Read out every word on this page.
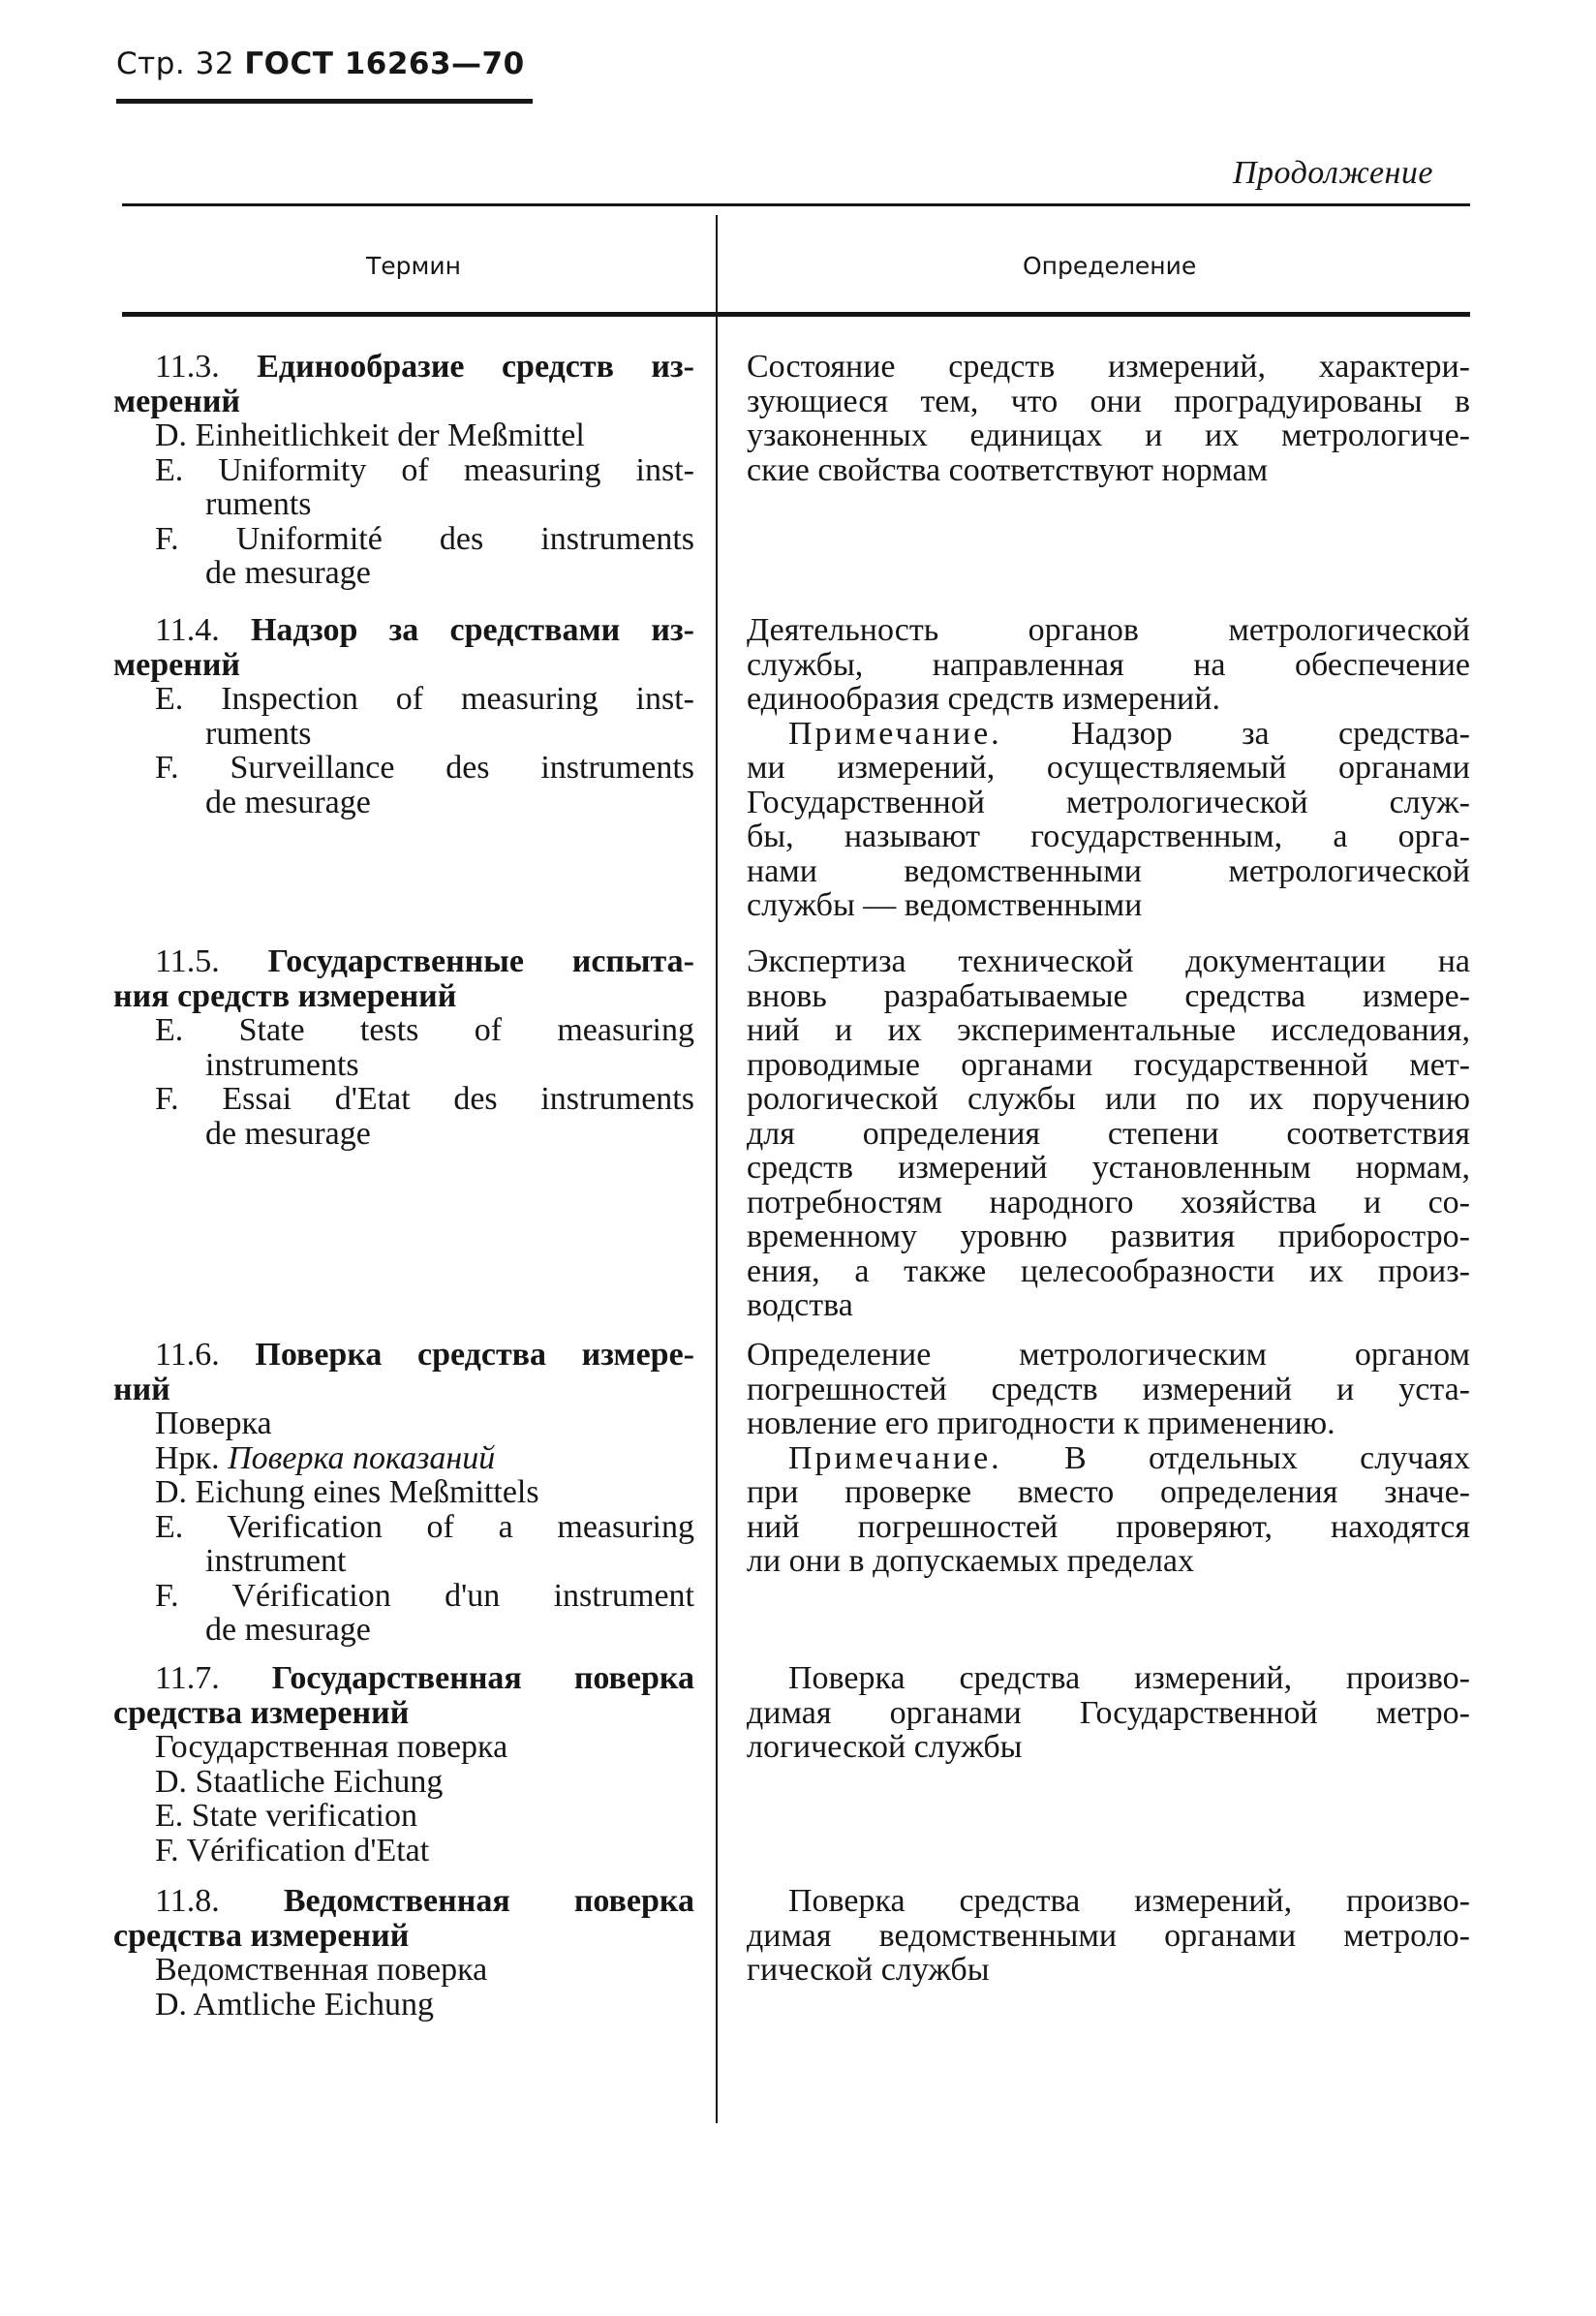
Стр. 32 ГОСТ 16263—70
Продолжение
Термин	Определение
11.3. Единообразие средств из-
мерений
D. Einheitlichkeit der Meßmittel
E. Uniformity of measuring inst-
ruments
F. Uniformité des instruments
de mesurage
Состояние средств измерений, характери-
зующиеся тем, что они проградуированы в
узаконенных единицах и их метрологиче-
ские свойства соответствуют нормам
11.4. Надзор за средствами из-
мерений
E. Inspection of measuring inst-
ruments
F. Surveillance des instruments
de mesurage
Деятельность органов метрологической
службы, направленная на обеспечение
единообразия средств измерений.
Примечание. Надзор за средства-
ми измерений, осуществляемый органами
Государственной метрологической служ-
бы, называют государственным, а орга-
нами ведомственными метрологической
службы — ведомственными
11.5. Государственные испыта-
ния средств измерений
E. State tests of measuring
instruments
F. Essai d'Etat des instruments
de mesurage
Экспертиза технической документации на
вновь разрабатываемые средства измере-
ний и их экспериментальные исследования,
проводимые органами государственной мет-
рологической службы или по их поручению
для определения степени соответствия
средств измерений установленным нормам,
потребностям народного хозяйства и со-
временному уровню развития приборостро-
ения, а также целесообразности их произ-
водства
11.6. Поверка средства измере-
ний
Поверка
Нрк. Поверка показаний
D. Eichung eines Meßmittels
E. Verification of a measuring
instrument
F. Vérification d'un instrument
de mesurage
Определение метрологическим органом
погрешностей средств измерений и уста-
новление его пригодности к применению.
Примечание. В отдельных случаях
при проверке вместо определения значе-
ний погрешностей проверяют, находятся
ли они в допускаемых пределах
11.7. Государственная поверка
средства измерений
Государственная поверка
D. Staatliche Eichung
E. State verification
F. Vérification d'Etat
Поверка средства измерений, произво-
димая органами Государственной метро-
логической службы
11.8. Ведомственная поверка
средства измерений
Ведомственная поверка
D. Amtliche Eichung
Поверка средства измерений, произво-
димая ведомственными органами метроло-
гической службы
